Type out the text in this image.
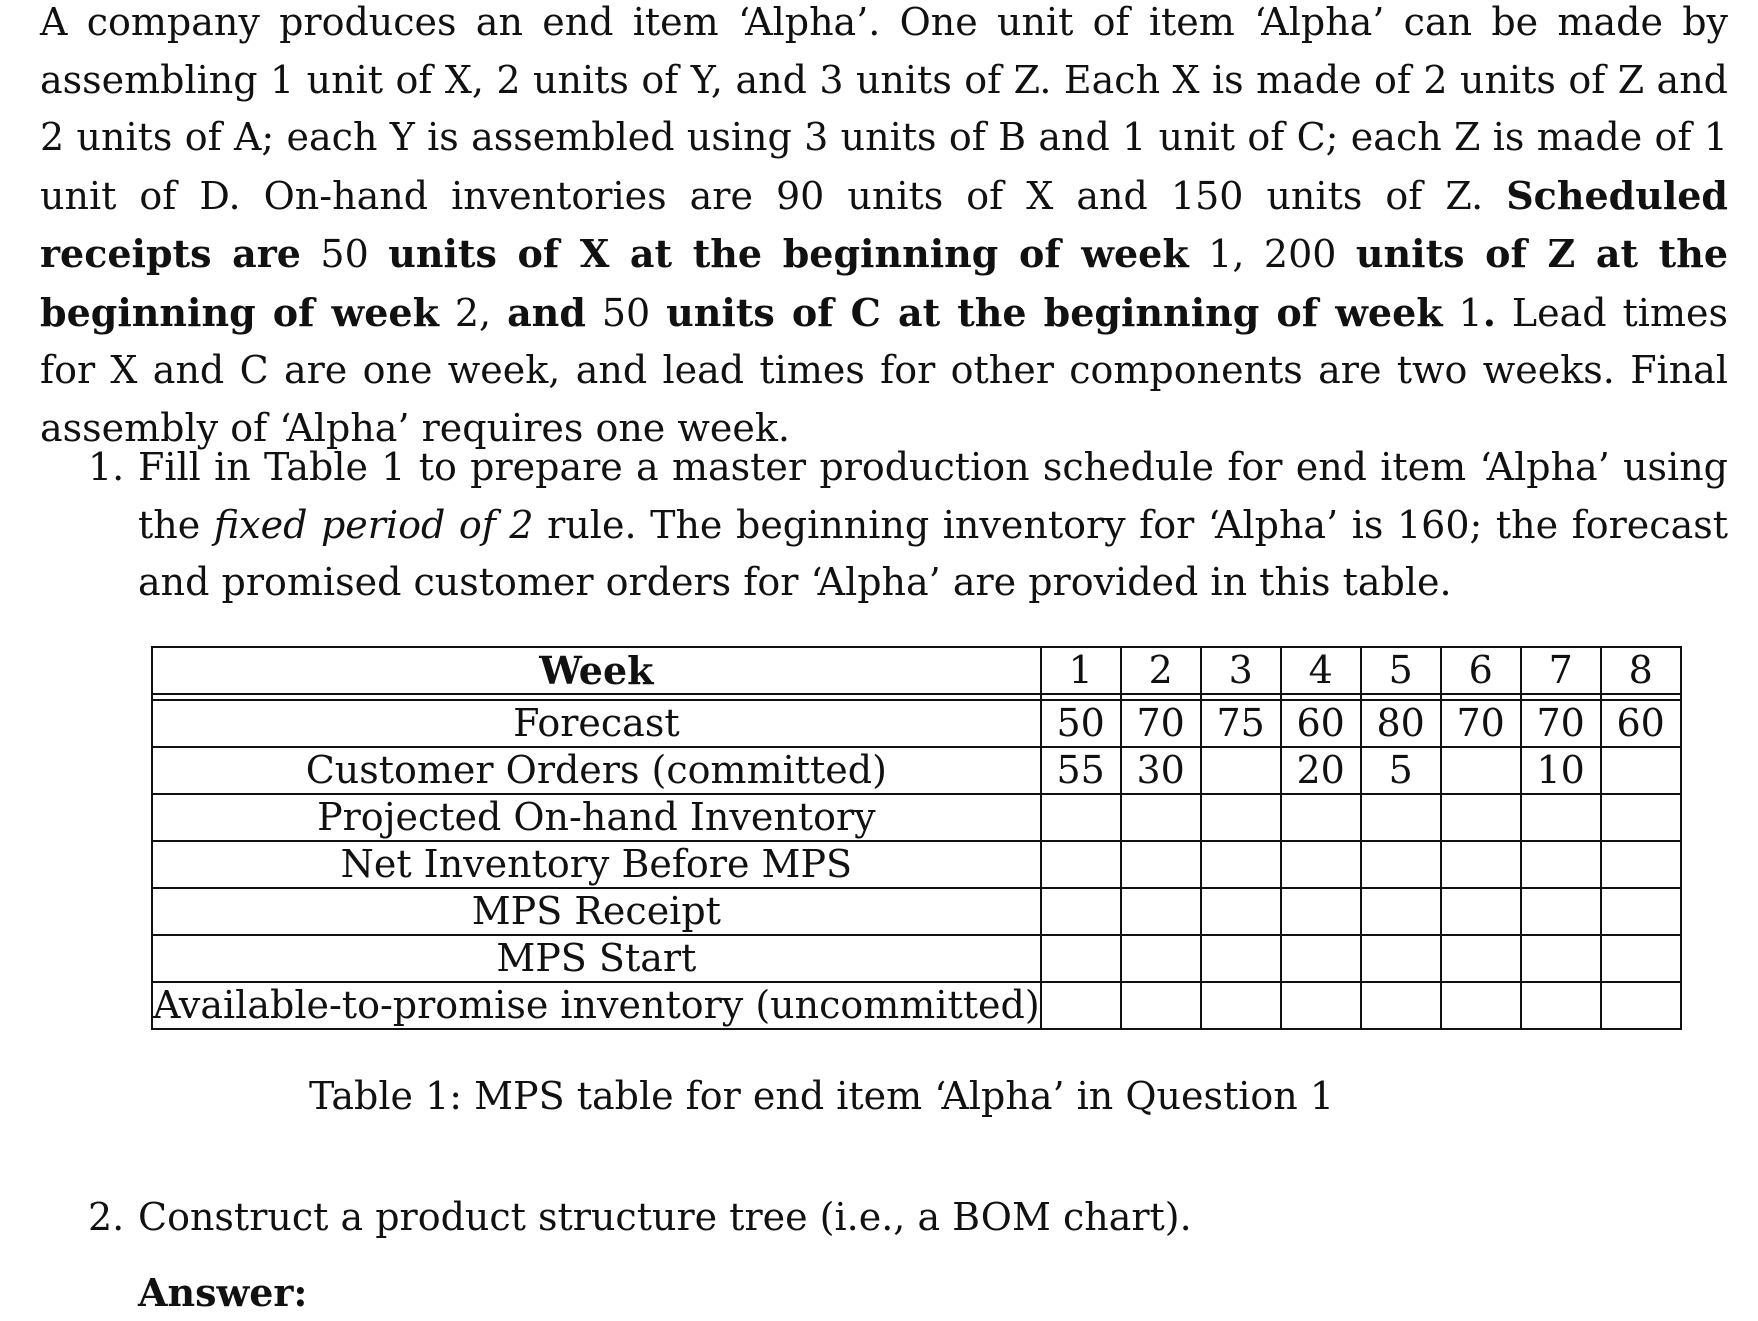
A company produces an end item ‘Alpha’. One unit of item ‘Alpha’ can be made by assembling 1 unit of X, 2 units of Y, and 3 units of Z. Each X is made of 2 units of Z and 2 units of A; each Y is assembled using 3 units of B and 1 unit of C; each Z is made of 1 unit of D. On-hand inventories are 90 units of X and 150 units of Z. Scheduled receipts are 50 units of X at the beginning of week 1, 200 units of Z at the beginning of week 2, and 50 units of C at the beginning of week 1. Lead times for X and C are one week, and lead times for other components are two weeks. Final assembly of ‘Alpha’ requires one week.
1. Fill in Table 1 to prepare a master production schedule for end item ‘Alpha’ using the fixed period of 2 rule. The beginning inventory for ‘Alpha’ is 160; the forecast and promised customer orders for ‘Alpha’ are provided in this table.
Week	1	2	3	4	5	6	7	8

Forecast	50	70	75	60	80	70	70	60
Customer Orders (committed)	55	30		20	5		10	
Projected On-hand Inventory								
Net Inventory Before MPS								
MPS Receipt								
MPS Start								
Available-to-promise inventory (uncommitted)								
Table 1: MPS table for end item ‘Alpha’ in Question 1
2. Construct a product structure tree (i.e., a BOM chart).
Answer:
